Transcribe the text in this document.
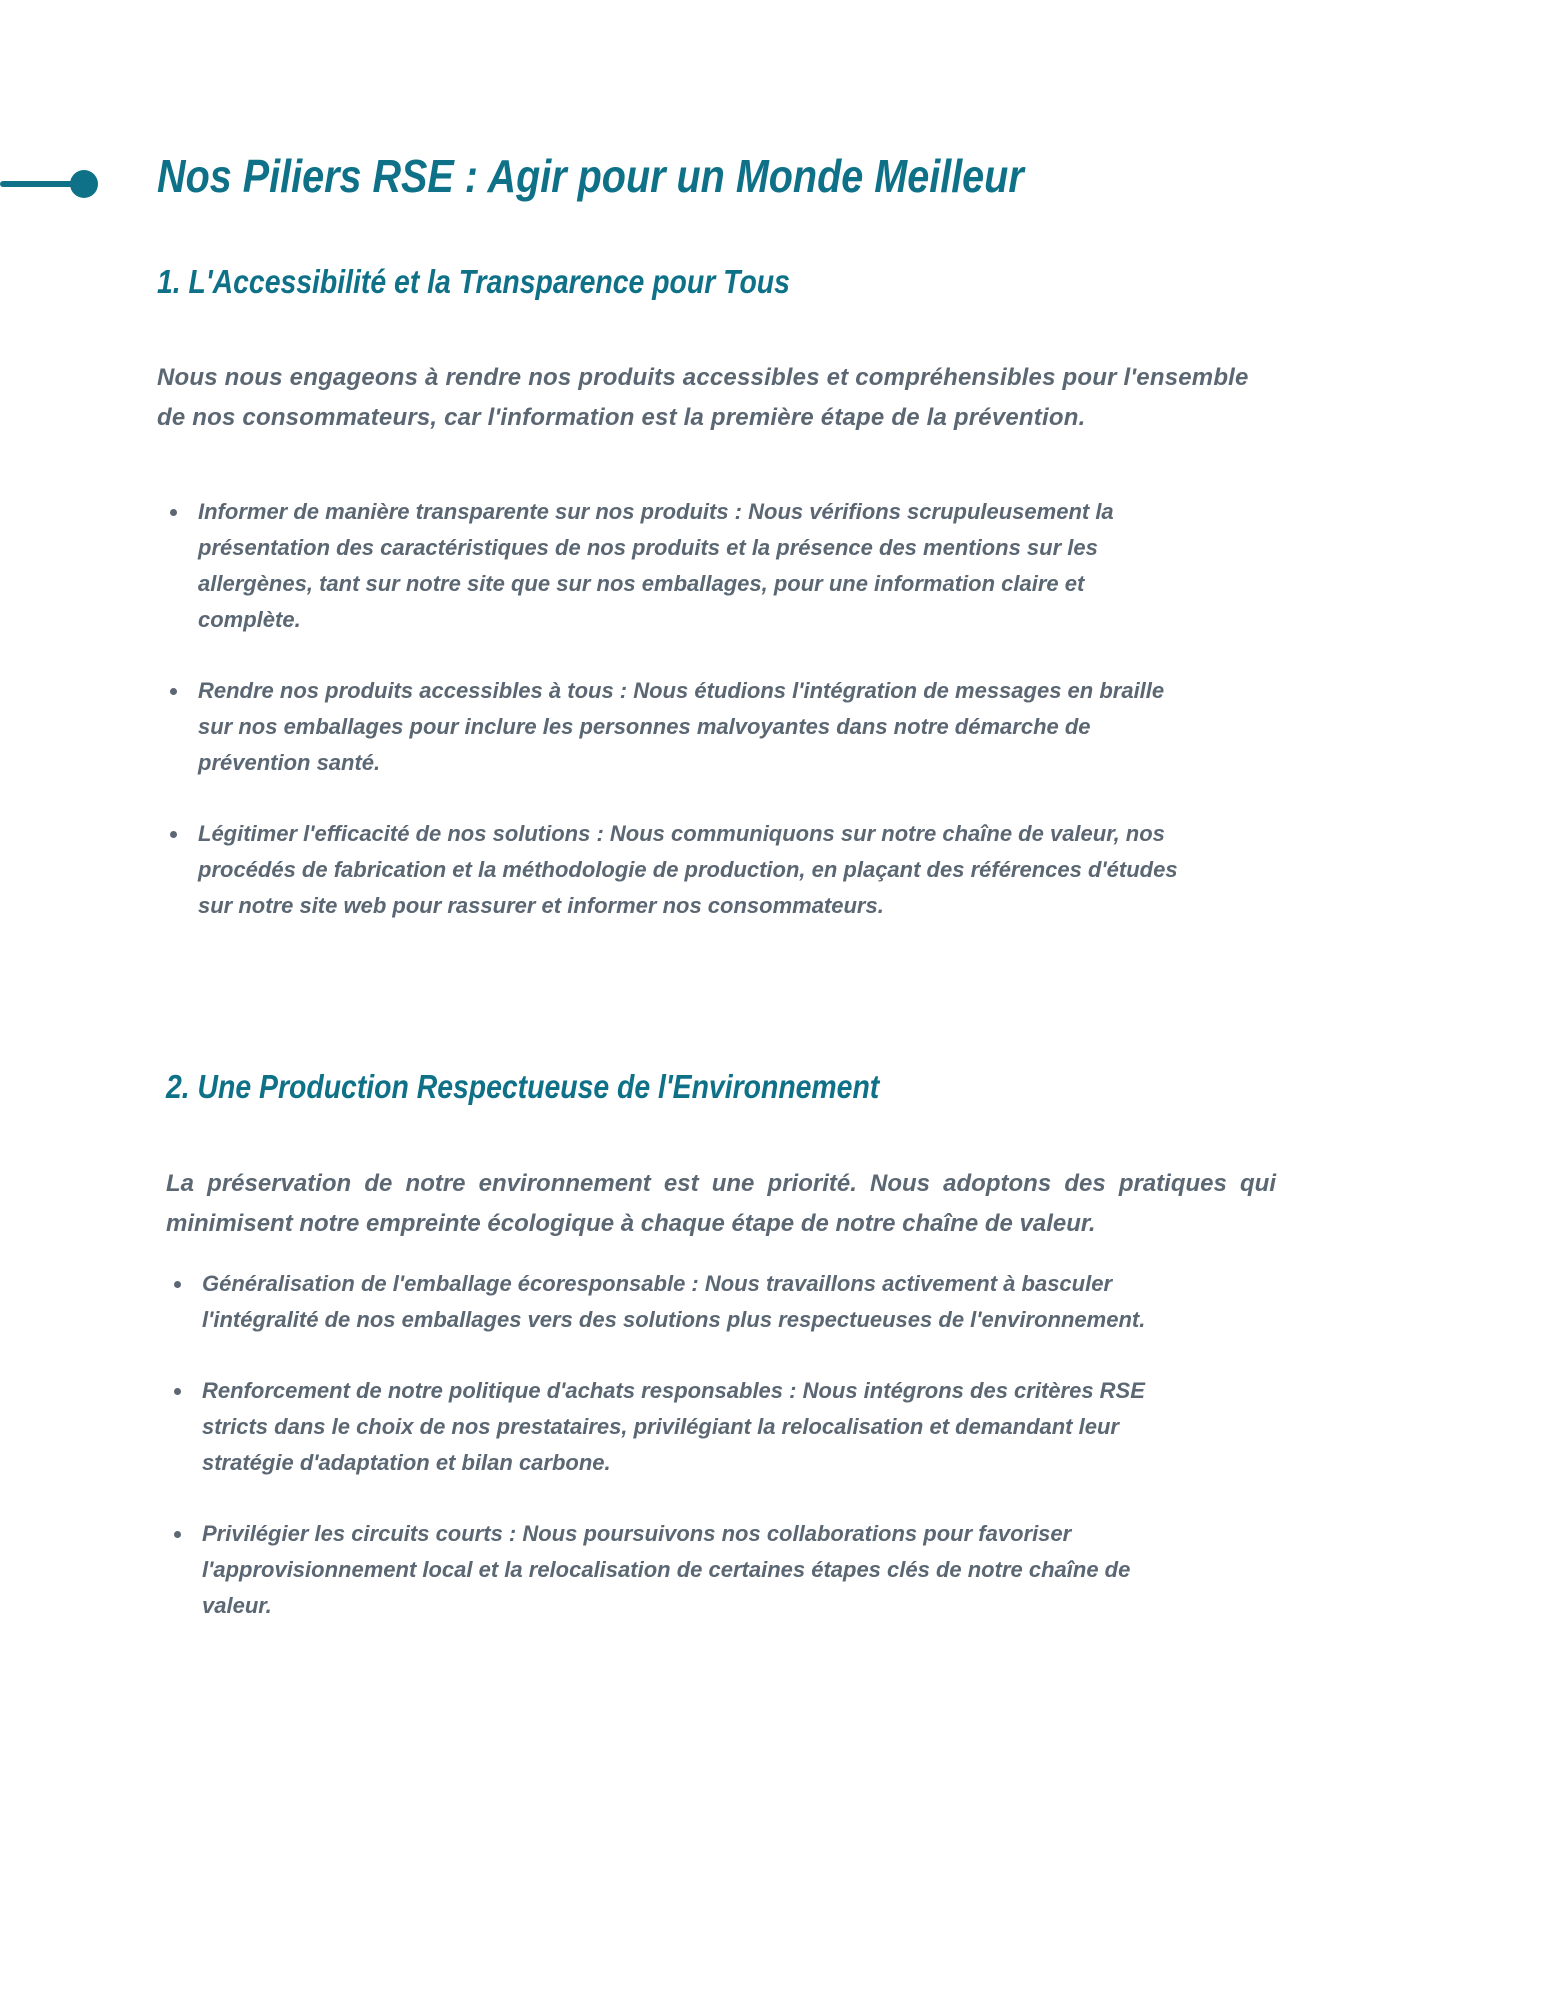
Nos Piliers RSE : Agir pour un Monde Meilleur
1. L'Accessibilité et la Transparence pour Tous

Nous nous engageons à rendre nos produits accessibles et compréhensibles pour l'ensemble de nos consommateurs, car l'information est la première étape de la prévention.

Informer de manière transparente sur nos produits : Nous vérifions scrupuleusement la présentation des caractéristiques de nos produits et la présence des mentions sur les allergènes, tant sur notre site que sur nos emballages, pour une information claire et complète.
Rendre nos produits accessibles à tous : Nous étudions l'intégration de messages en braille sur nos emballages pour inclure les personnes malvoyantes dans notre démarche de prévention santé.
Légitimer l'efficacité de nos solutions : Nous communiquons sur notre chaîne de valeur, nos procédés de fabrication et la méthodologie de production, en plaçant des références d'études sur notre site web pour rassurer et informer nos consommateurs.
2. Une Production Respectueuse de l'Environnement

La préservation de notre environnement est une priorité. Nous adoptons des pratiques qui minimisent notre empreinte écologique à chaque étape de notre chaîne de valeur.

Généralisation de l'emballage écoresponsable : Nous travaillons activement à basculer l'intégralité de nos emballages vers des solutions plus respectueuses de l'environnement.
Renforcement de notre politique d'achats responsables : Nous intégrons des critères RSE stricts dans le choix de nos prestataires, privilégiant la relocalisation et demandant leur stratégie d'adaptation et bilan carbone.
Privilégier les circuits courts : Nous poursuivons nos collaborations pour favoriser l'approvisionnement local et la relocalisation de certaines étapes clés de notre chaîne de valeur.
